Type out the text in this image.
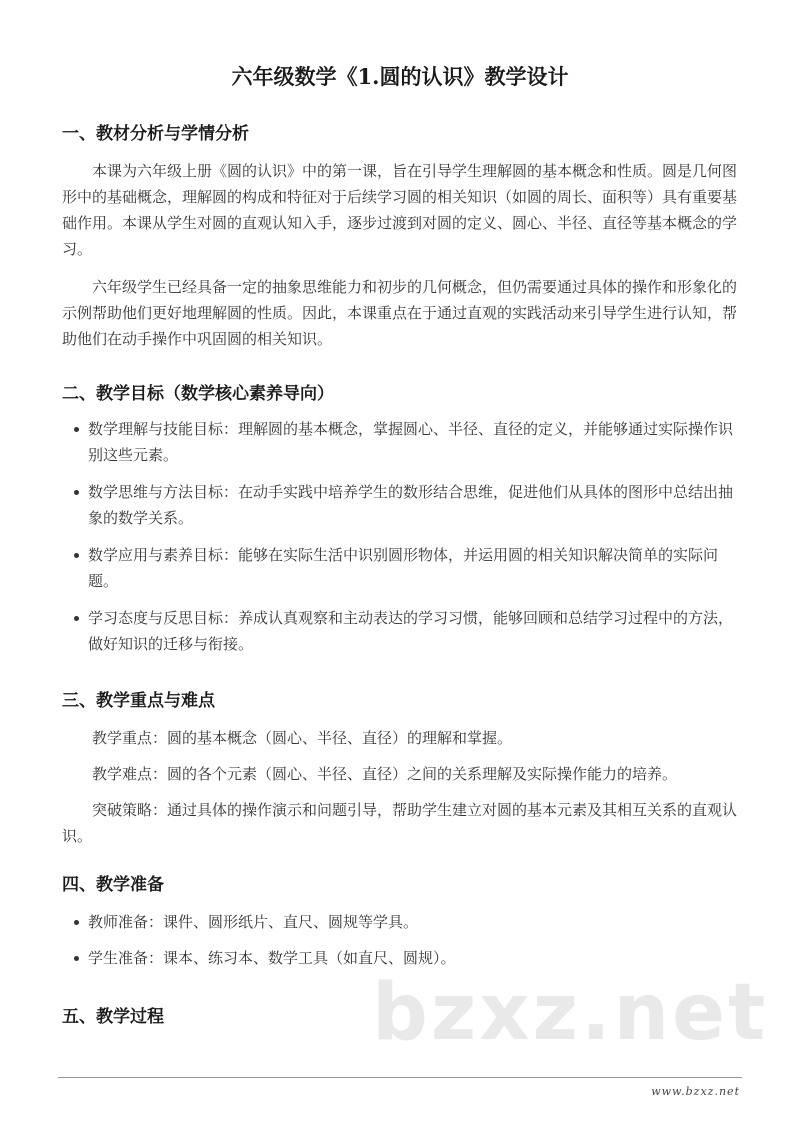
六年级数学《1.圆的认识》教学设计
一、教材分析与学情分析

本课为六年级上册《圆的认识》中的第一课，旨在引导学生理解圆的基本概念和性质。圆是几何图形中的基础概念，理解圆的构成和特征对于后续学习圆的相关知识（如圆的周长、面积等）具有重要基础作用。本课从学生对圆的直观认知入手，逐步过渡到对圆的定义、圆心、半径、直径等基本概念的学习。

六年级学生已经具备一定的抽象思维能力和初步的几何概念，但仍需要通过具体的操作和形象化的示例帮助他们更好地理解圆的性质。因此，本课重点在于通过直观的实践活动来引导学生进行认知，帮助他们在动手操作中巩固圆的相关知识。

二、教学目标（数学核心素养导向）
数学理解与技能目标：理解圆的基本概念，掌握圆心、半径、直径的定义，并能够通过实际操作识别这些元素。
数学思维与方法目标：在动手实践中培养学生的数形结合思维，促进他们从具体的图形中总结出抽象的数学关系。
数学应用与素养目标：能够在实际生活中识别圆形物体，并运用圆的相关知识解决简单的实际问题。
学习态度与反思目标：养成认真观察和主动表达的学习习惯，能够回顾和总结学习过程中的方法，做好知识的迁移与衔接。
三、教学重点与难点

教学重点：圆的基本概念（圆心、半径、直径）的理解和掌握。

教学难点：圆的各个元素（圆心、半径、直径）之间的关系理解及实际操作能力的培养。

突破策略：通过具体的操作演示和问题引导，帮助学生建立对圆的基本元素及其相互关系的直观认识。

四、教学准备
教师准备：课件、圆形纸片、直尺、圆规等学具。
学生准备：课本、练习本、数学工具（如直尺、圆规）。
五、教学过程	bzxz.net
www.bzxz.net
